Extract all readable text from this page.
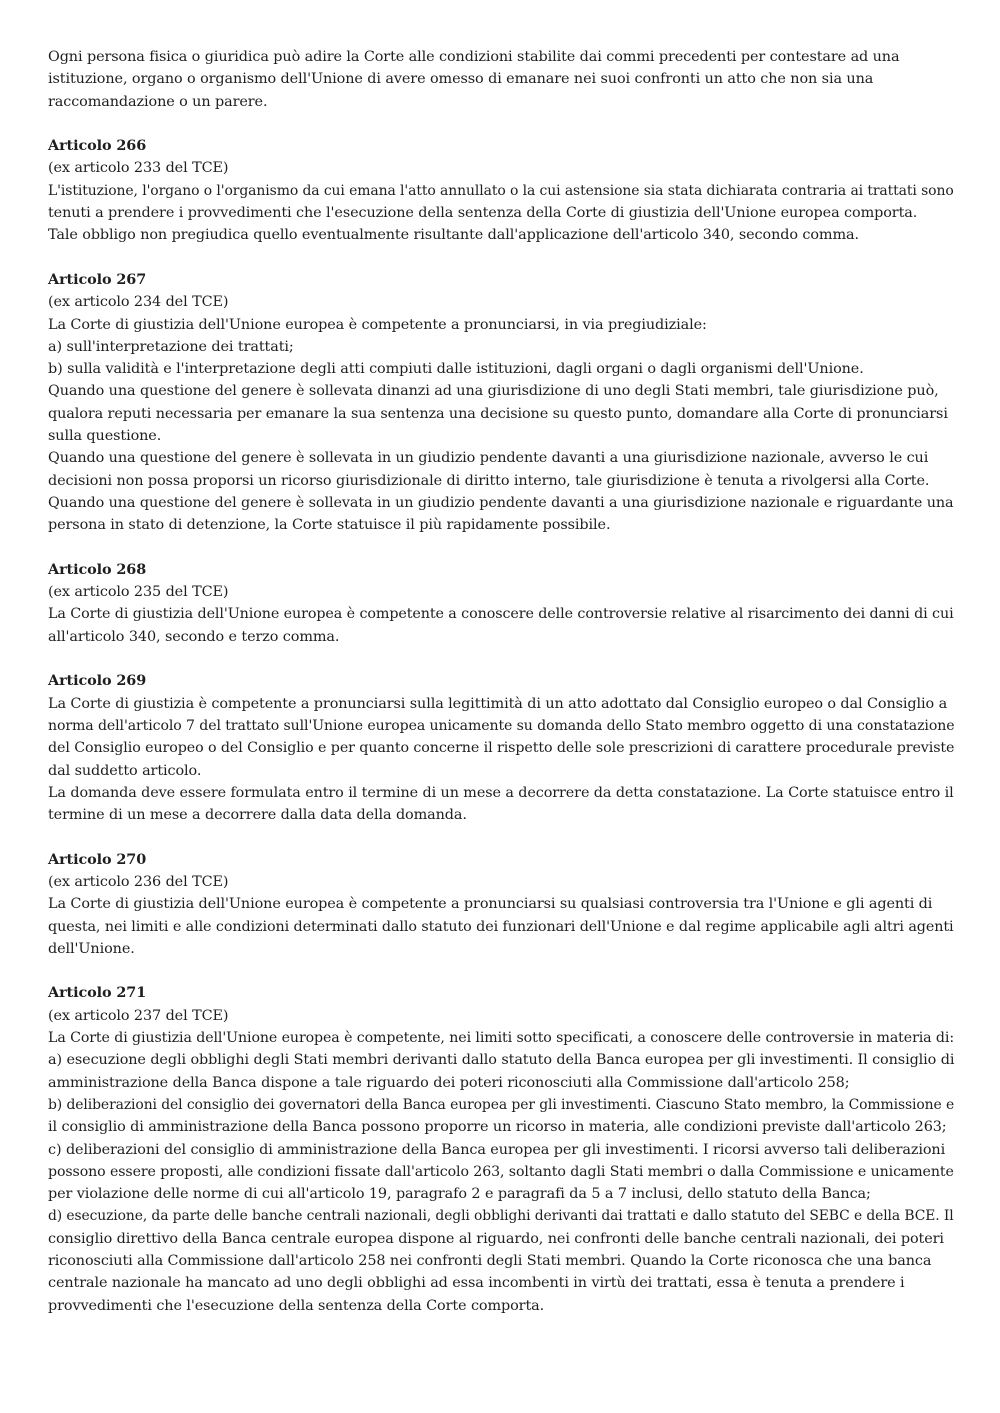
Ogni persona fisica o giuridica può adire la Corte alle condizioni stabilite dai commi precedenti per contestare ad una
istituzione, organo o organismo dell'Unione di avere omesso di emanare nei suoi confronti un atto che non sia una
raccomandazione o un parere.
Articolo 266
(ex articolo 233 del TCE)
L'istituzione, l'organo o l'organismo da cui emana l'atto annullato o la cui astensione sia stata dichiarata contraria ai trattati sono
tenuti a prendere i provvedimenti che l'esecuzione della sentenza della Corte di giustizia dell'Unione europea comporta.
Tale obbligo non pregiudica quello eventualmente risultante dall'applicazione dell'articolo 340, secondo comma.
Articolo 267
(ex articolo 234 del TCE)
La Corte di giustizia dell'Unione europea è competente a pronunciarsi, in via pregiudiziale:
a) sull'interpretazione dei trattati;
b) sulla validità e l'interpretazione degli atti compiuti dalle istituzioni, dagli organi o dagli organismi dell'Unione.
Quando una questione del genere è sollevata dinanzi ad una giurisdizione di uno degli Stati membri, tale giurisdizione può,
qualora reputi necessaria per emanare la sua sentenza una decisione su questo punto, domandare alla Corte di pronunciarsi
sulla questione.
Quando una questione del genere è sollevata in un giudizio pendente davanti a una giurisdizione nazionale, avverso le cui
decisioni non possa proporsi un ricorso giurisdizionale di diritto interno, tale giurisdizione è tenuta a rivolgersi alla Corte.
Quando una questione del genere è sollevata in un giudizio pendente davanti a una giurisdizione nazionale e riguardante una
persona in stato di detenzione, la Corte statuisce il più rapidamente possibile.
Articolo 268
(ex articolo 235 del TCE)
La Corte di giustizia dell'Unione europea è competente a conoscere delle controversie relative al risarcimento dei danni di cui
all'articolo 340, secondo e terzo comma.
Articolo 269
La Corte di giustizia è competente a pronunciarsi sulla legittimità di un atto adottato dal Consiglio europeo o dal Consiglio a
norma dell'articolo 7 del trattato sull'Unione europea unicamente su domanda dello Stato membro oggetto di una constatazione
del Consiglio europeo o del Consiglio e per quanto concerne il rispetto delle sole prescrizioni di carattere procedurale previste
dal suddetto articolo.
La domanda deve essere formulata entro il termine di un mese a decorrere da detta constatazione. La Corte statuisce entro il
termine di un mese a decorrere dalla data della domanda.
Articolo 270
(ex articolo 236 del TCE)
La Corte di giustizia dell'Unione europea è competente a pronunciarsi su qualsiasi controversia tra l'Unione e gli agenti di
questa, nei limiti e alle condizioni determinati dallo statuto dei funzionari dell'Unione e dal regime applicabile agli altri agenti
dell'Unione.
Articolo 271
(ex articolo 237 del TCE)
La Corte di giustizia dell'Unione europea è competente, nei limiti sotto specificati, a conoscere delle controversie in materia di:
a) esecuzione degli obblighi degli Stati membri derivanti dallo statuto della Banca europea per gli investimenti. Il consiglio di
amministrazione della Banca dispone a tale riguardo dei poteri riconosciuti alla Commissione dall'articolo 258;
b) deliberazioni del consiglio dei governatori della Banca europea per gli investimenti. Ciascuno Stato membro, la Commissione e
il consiglio di amministrazione della Banca possono proporre un ricorso in materia, alle condizioni previste dall'articolo 263;
c) deliberazioni del consiglio di amministrazione della Banca europea per gli investimenti. I ricorsi avverso tali deliberazioni
possono essere proposti, alle condizioni fissate dall'articolo 263, soltanto dagli Stati membri o dalla Commissione e unicamente
per violazione delle norme di cui all'articolo 19, paragrafo 2 e paragrafi da 5 a 7 inclusi, dello statuto della Banca;
d) esecuzione, da parte delle banche centrali nazionali, degli obblighi derivanti dai trattati e dallo statuto del SEBC e della BCE. Il
consiglio direttivo della Banca centrale europea dispone al riguardo, nei confronti delle banche centrali nazionali, dei poteri
riconosciuti alla Commissione dall'articolo 258 nei confronti degli Stati membri. Quando la Corte riconosca che una banca
centrale nazionale ha mancato ad uno degli obblighi ad essa incombenti in virtù dei trattati, essa è tenuta a prendere i
provvedimenti che l'esecuzione della sentenza della Corte comporta.
